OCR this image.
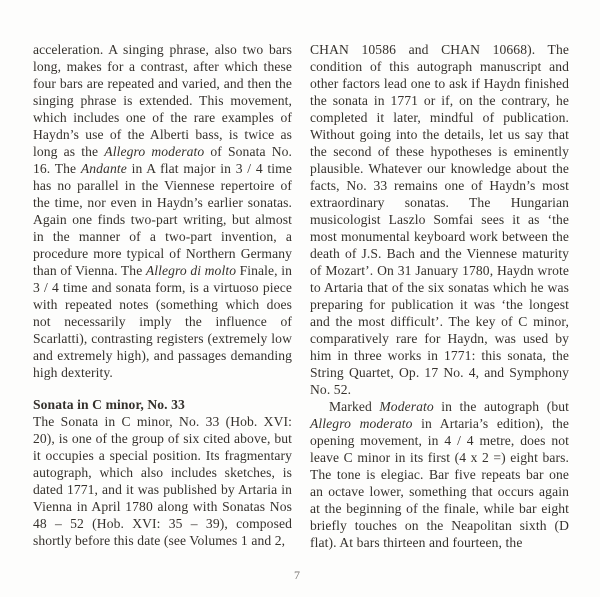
acceleration. A singing phrase, also two bars long, makes for a contrast, after which these four bars are repeated and varied, and then the singing phrase is extended. This movement, which includes one of the rare examples of Haydn’s use of the Alberti bass, is twice as long as the Allegro moderato of Sonata No. 16. The Andante in A flat major in 3 / 4 time has no parallel in the Viennese repertoire of the time, nor even in Haydn’s earlier sonatas. Again one finds two-part writing, but almost in the manner of a two-part invention, a procedure more typical of Northern Germany than of Vienna. The Allegro di molto Finale, in 3 / 4 time and sonata form, is a virtuoso piece with repeated notes (something which does not necessarily imply the influence of Scarlatti), contrasting registers (extremely low and extremely high), and passages demanding high dexterity.

Sonata in C minor, No. 33

The Sonata in C minor, No. 33 (Hob. XVI: 20), is one of the group of six cited above, but it occupies a special position. Its fragmentary autograph, which also includes sketches, is dated 1771, and it was published by Artaria in Vienna in April 1780 along with Sonatas Nos 48 – 52 (Hob. XVI: 35 – 39), composed shortly before this date (see Volumes 1 and 2,

CHAN 10586 and CHAN 10668). The condition of this autograph manuscript and other factors lead one to ask if Haydn finished the sonata in 1771 or if, on the contrary, he completed it later, mindful of publication. Without going into the details, let us say that the second of these hypotheses is eminently plausible. Whatever our knowledge about the facts, No. 33 remains one of Haydn’s most extraordinary sonatas. The Hungarian musicologist Laszlo Somfai sees it as ‘the most monumental keyboard work between the death of J.S. Bach and the Viennese maturity of Mozart’. On 31 January 1780, Haydn wrote to Artaria that of the six sonatas which he was preparing for publication it was ‘the longest and the most difficult’. The key of C minor, comparatively rare for Haydn, was used by him in three works in 1771: this sonata, the String Quartet, Op. 17 No. 4, and Symphony No. 52.

Marked Moderato in the autograph (but Allegro moderato in Artaria’s edition), the opening movement, in 4 / 4 metre, does not leave C minor in its first (4 x 2 =) eight bars. The tone is elegiac. Bar five repeats bar one an octave lower, something that occurs again at the beginning of the finale, while bar eight briefly touches on the Neapolitan sixth (D flat). At bars thirteen and fourteen, the

7
